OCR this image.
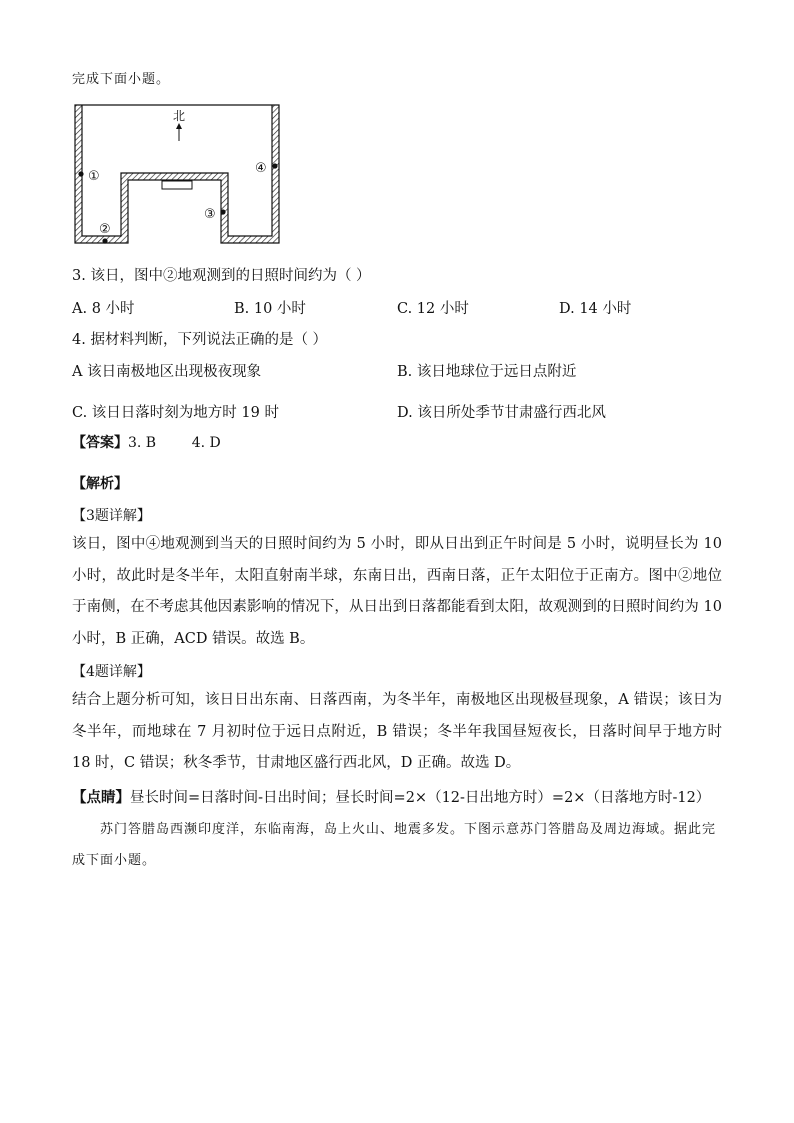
完成下面小题。
北
①
②
③
④
3. 该日，图中②地观测到的日照时间约为（ ）
A. 8 小时	B. 10 小时	C. 12 小时	D. 14 小时
4. 据材料判断，下列说法正确的是（ ）
A 该日南极地区出现极夜现象	B. 该日地球位于远日点附近
C. 该日日落时刻为地方时 19 时	D. 该日所处季节甘肃盛行西北风
【答案】3. B        4. D
【解析】
【3题详解】
该日，图中④地观测到当天的日照时间约为 5 小时，即从日出到正午时间是 5 小时，说明昼长为 10 小时，故此时是冬半年，太阳直射南半球，东南日出，西南日落，正午太阳位于正南方。图中②地位于南侧，在不考虑其他因素影响的情况下，从日出到日落都能看到太阳，故观测到的日照时间约为 10 小时，B 正确，ACD 错误。故选 B。
【4题详解】
结合上题分析可知，该日日出东南、日落西南，为冬半年，南极地区出现极昼现象，A 错误；该日为冬半年，而地球在 7 月初时位于远日点附近，B 错误；冬半年我国昼短夜长，日落时间早于地方时 18 时，C 错误；秋冬季节，甘肃地区盛行西北风，D 正确。故选 D。
【点睛】昼长时间=日落时间-日出时间；昼长时间=2×（12-日出地方时）=2×（日落地方时-12）
苏门答腊岛西濒印度洋，东临南海，岛上火山、地震多发。下图示意苏门答腊岛及周边海域。据此完成下面小题。
